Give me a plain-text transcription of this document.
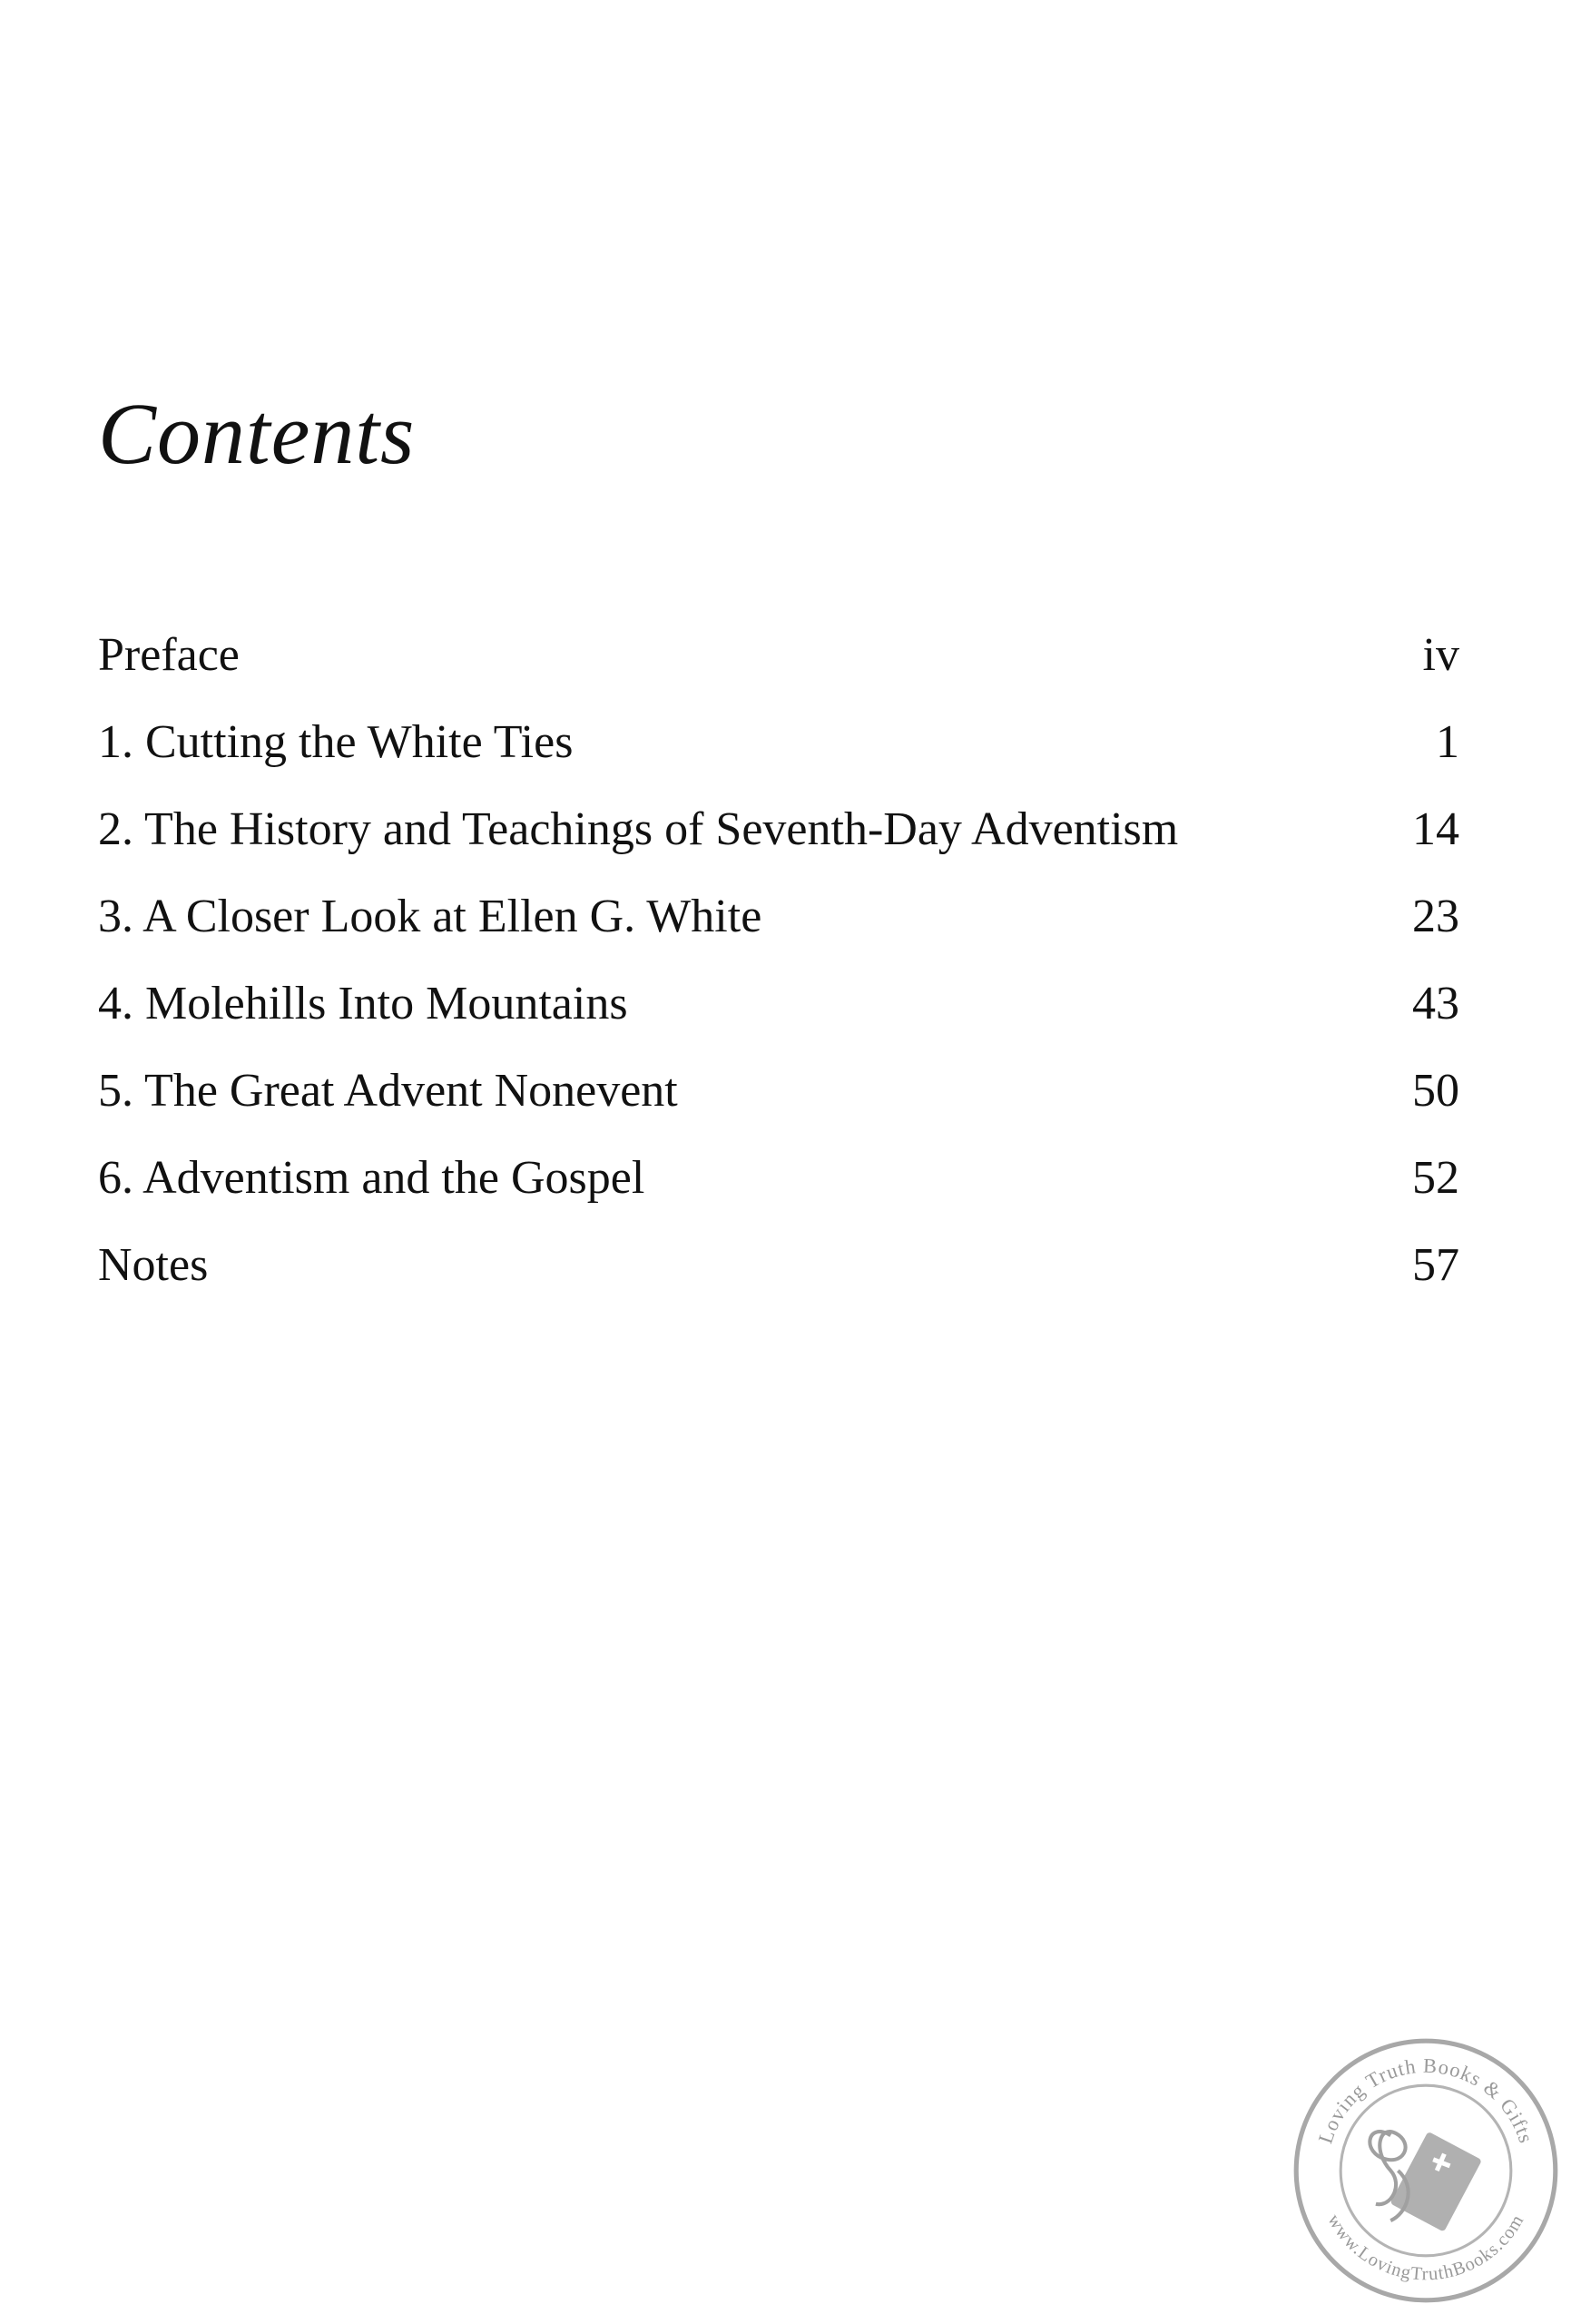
Contents
Preface	iv
1. Cutting the White Ties	1
2. The History and Teachings of Seventh-Day Adventism	14
3. A Closer Look at Ellen G. White	23
4. Molehills Into Mountains	43
5. The Great Advent Nonevent	50
6. Adventism and the Gospel	52
Notes	57
Loving Truth Books & Gifts
www.LovingTruthBooks.com
